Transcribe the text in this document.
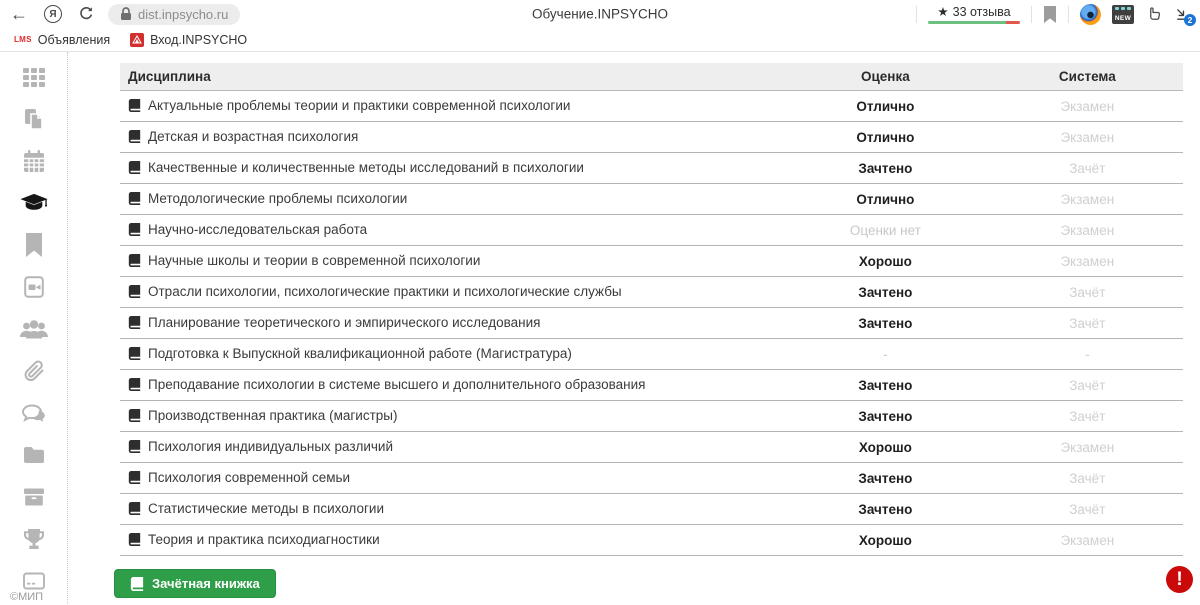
←	Я	dist.inpsycho.ru	Обучение.INPSYCHO	★ 33 отзыва	NEW	2
LMS Объявления	Вход.INPSYCHO
©МИП
Дисциплина	Оценка	Система
Актуальные проблемы теории и практики современной психологии	Отлично	Экзамен
Детская и возрастная психология	Отлично	Экзамен
Качественные и количественные методы исследований в психологии	Зачтено	Зачёт
Методологические проблемы психологии	Отлично	Экзамен
Научно-исследовательская работа	Оценки нет	Экзамен
Научные школы и теории в современной психологии	Хорошо	Экзамен
Отрасли психологии, психологические практики и психологические службы	Зачтено	Зачёт
Планирование теоретического и эмпирического исследования	Зачтено	Зачёт
Подготовка к Выпускной квалификационной работе (Магистратура)	-	-
Преподавание психологии в системе высшего и дополнительного образования	Зачтено	Зачёт
Производственная практика (магистры)	Зачтено	Зачёт
Психология индивидуальных различий	Хорошо	Экзамен
Психология современной семьи	Зачтено	Зачёт
Статистические методы в психологии	Зачтено	Зачёт
Теория и практика психодиагностики	Хорошо	Экзамен
Зачётная книжка	!
